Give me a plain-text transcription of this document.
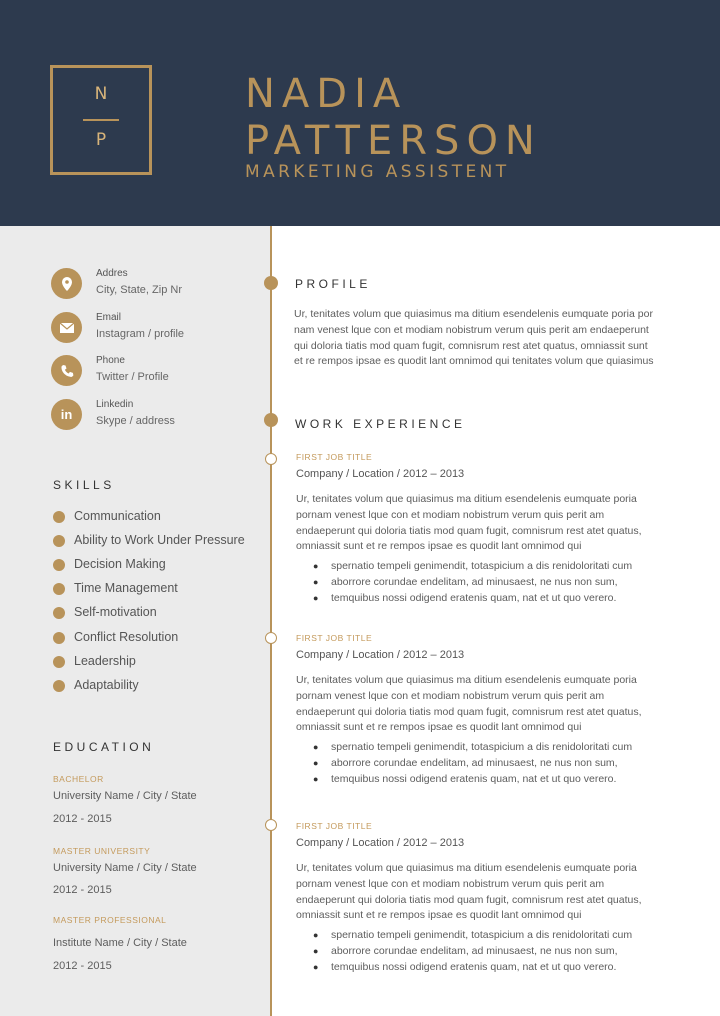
N
P
NADIA
PATTERSON
MARKETING ASSISTENT
Addres
City, State, Zip Nr
Email
Instagram / profile
Phone
Twitter / Profile
in
Linkedin
Skype / address
SKILLS
Communication
Ability to Work Under Pressure
Decision Making
Time Management
Self-motivation
Conflict Resolution
Leadership
Adaptability
EDUCATION
BACHELOR
University Name / City / State
2012 - 2015
MASTER UNIVERSITY
University Name / City / State
2012 - 2015
MASTER PROFESSIONAL
Institute Name / City / State
2012 - 2015
PROFILE
Ur, tenitates volum que quiasimus ma ditium esendelenis eumquate poria por
nam venest lque con et modiam nobistrum verum quis perit am endaeperunt
qui doloria tiatis mod quam fugit, comnisrum rest atet quatus, omniassit sunt
et re rempos ipsae es quodit lant omnimod qui tenitates volum que quiasimus
WORK EXPERIENCE
FIRST JOB TITLE
Company / Location / 2012 – 2013
Ur, tenitates volum que quiasimus ma ditium esendelenis eumquate poria
pornam venest lque con et modiam nobistrum verum quis perit am
endaeperunt qui doloria tiatis mod quam fugit, comnisrum rest atet quatus,
omniassit sunt et re rempos ipsae es quodit lant omnimod qui
● spernatio tempeli genimendit, totaspicium a dis renidoloritati cum
● aborrore corundae endelitam, ad minusaest, ne nus non sum,
● temquibus nossi odigend eratenis quam, nat et ut quo verero.
FIRST JOB TITLE
Company / Location / 2012 – 2013
Ur, tenitates volum que quiasimus ma ditium esendelenis eumquate poria
pornam venest lque con et modiam nobistrum verum quis perit am
endaeperunt qui doloria tiatis mod quam fugit, comnisrum rest atet quatus,
omniassit sunt et re rempos ipsae es quodit lant omnimod qui
● spernatio tempeli genimendit, totaspicium a dis renidoloritati cum
● aborrore corundae endelitam, ad minusaest, ne nus non sum,
● temquibus nossi odigend eratenis quam, nat et ut quo verero.
FIRST JOB TITLE
Company / Location / 2012 – 2013
Ur, tenitates volum que quiasimus ma ditium esendelenis eumquate poria
pornam venest lque con et modiam nobistrum verum quis perit am
endaeperunt qui doloria tiatis mod quam fugit, comnisrum rest atet quatus,
omniassit sunt et re rempos ipsae es quodit lant omnimod qui
● spernatio tempeli genimendit, totaspicium a dis renidoloritati cum
● aborrore corundae endelitam, ad minusaest, ne nus non sum,
● temquibus nossi odigend eratenis quam, nat et ut quo verero.
